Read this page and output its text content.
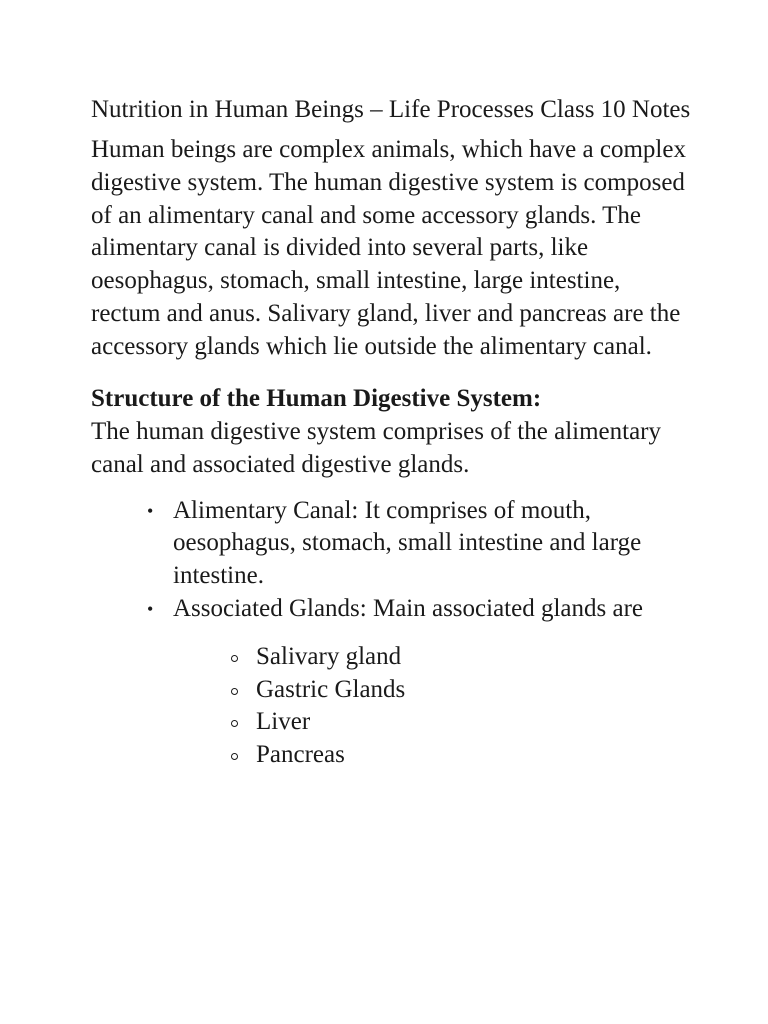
Nutrition in Human Beings – Life Processes Class 10 Notes

Human beings are complex animals, which have a complex digestive system. The human digestive system is composed of an alimentary canal and some accessory glands. The alimentary canal is divided into several parts, like oesophagus, stomach, small intestine, large intestine, rectum and anus. Salivary gland, liver and pancreas are the accessory glands which lie outside the alimentary canal.

Structure of the Human Digestive System:

The human digestive system comprises of the alimentary canal and associated digestive glands.

• Alimentary Canal: It comprises of mouth, oesophagus, stomach, small intestine and large intestine.
• Associated Glands: Main associated glands are
Salivary gland
Gastric Glands
Liver
Pancreas
